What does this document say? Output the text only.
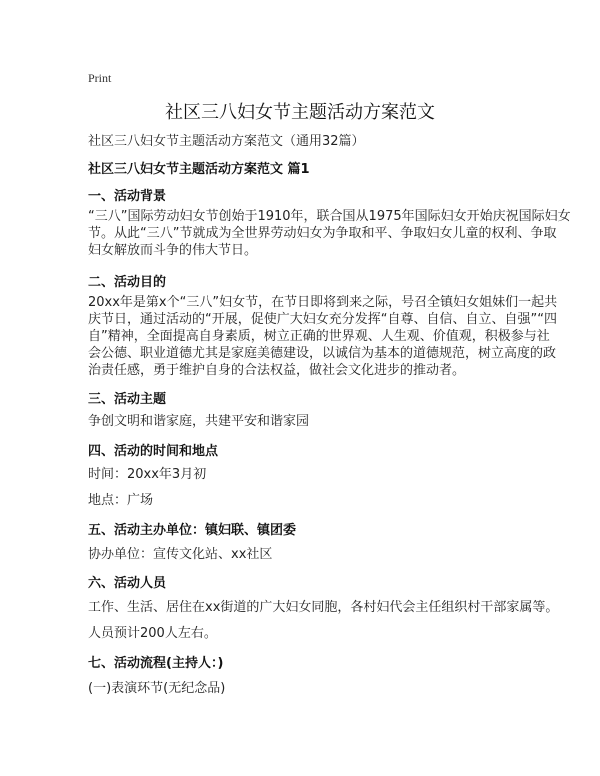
Print
社区三八妇女节主题活动方案范文
社区三八妇女节主题活动方案范文（通用32篇）
社区三八妇女节主题活动方案范文 篇1
一、活动背景
“三八”国际劳动妇女节创始于1910年，联合国从1975年国际妇女开始庆祝国际妇女
节。从此“三八”节就成为全世界劳动妇女为争取和平、争取妇女儿童的权利、争取
妇女解放而斗争的伟大节日。
二、活动目的
20xx年是第x个“三八”妇女节，在节日即将到来之际，号召全镇妇女姐妹们一起共
庆节日，通过活动的“开展，促使广大妇女充分发挥“自尊、自信、自立、自强”“四
自”精神，全面提高自身素质，树立正确的世界观、人生观、价值观，积极参与社
会公德、职业道德尤其是家庭美德建设，以诚信为基本的道德规范，树立高度的政
治责任感，勇于维护自身的合法权益，做社会文化进步的推动者。
三、活动主题
争创文明和谐家庭，共建平安和谐家园
四、活动的时间和地点
时间：20xx年3月初
地点：广场
五、活动主办单位：镇妇联、镇团委
协办单位：宣传文化站、xx社区
六、活动人员
工作、生活、居住在xx街道的广大妇女同胞，各村妇代会主任组织村干部家属等。
人员预计200人左右。
七、活动流程(主持人：)
(一)表演环节(无纪念品)
